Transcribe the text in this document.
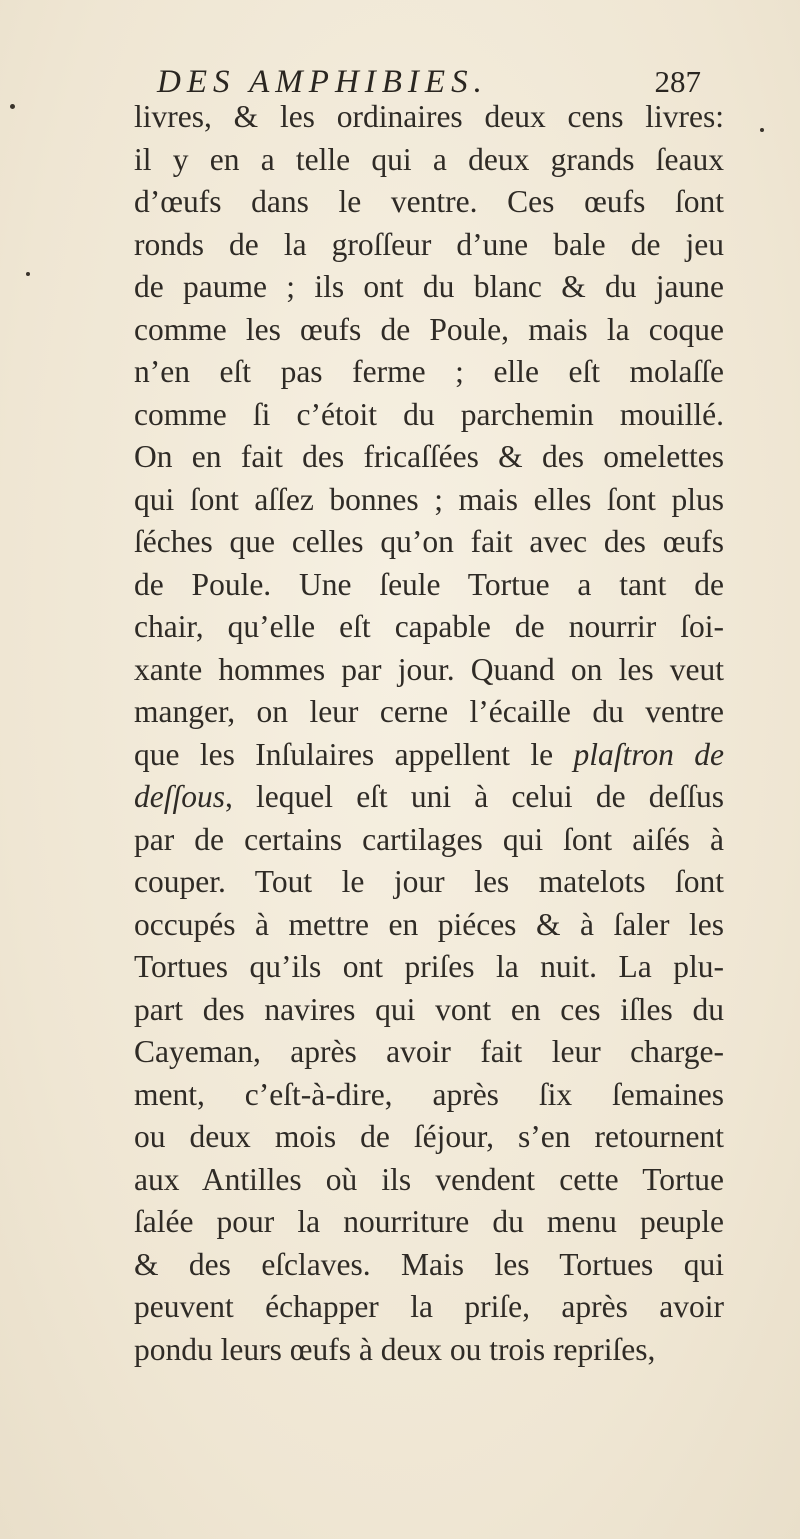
DES AMPHIBIES.	287
livres, & les ordinaires deux cens livres:
il y en a telle qui a deux grands ſeaux
d’œufs dans le ventre. Ces œufs ſont
ronds de la groſſeur d’une bale de jeu
de paume ; ils ont du blanc & du jaune
comme les œufs de Poule, mais la coque
n’en eſt pas ferme ; elle eſt molaſſe
comme ſi c’étoit du parchemin mouillé.
On en fait des fricaſſées & des omelettes
qui ſont aſſez bonnes ; mais elles ſont plus
ſéches que celles qu’on fait avec des œufs
de Poule. Une ſeule Tortue a tant de
chair, qu’elle eſt capable de nourrir ſoi-
xante hommes par jour. Quand on les veut
manger, on leur cerne l’écaille du ventre
que les Inſulaires appellent le plaſtron de
deſſous, lequel eſt uni à celui de deſſus
par de certains cartilages qui ſont aiſés à
couper. Tout le jour les matelots ſont
occupés à mettre en piéces & à ſaler les
Tortues qu’ils ont priſes la nuit. La plu-
part des navires qui vont en ces iſles du
Cayeman, après avoir fait leur charge-
ment, c’eſt-à-dire, après ſix ſemaines
ou deux mois de ſéjour, s’en retournent
aux Antilles où ils vendent cette Tortue
ſalée pour la nourriture du menu peuple
& des eſclaves. Mais les Tortues qui
peuvent échapper la priſe, après avoir
pondu leurs œufs à deux ou trois repriſes,
